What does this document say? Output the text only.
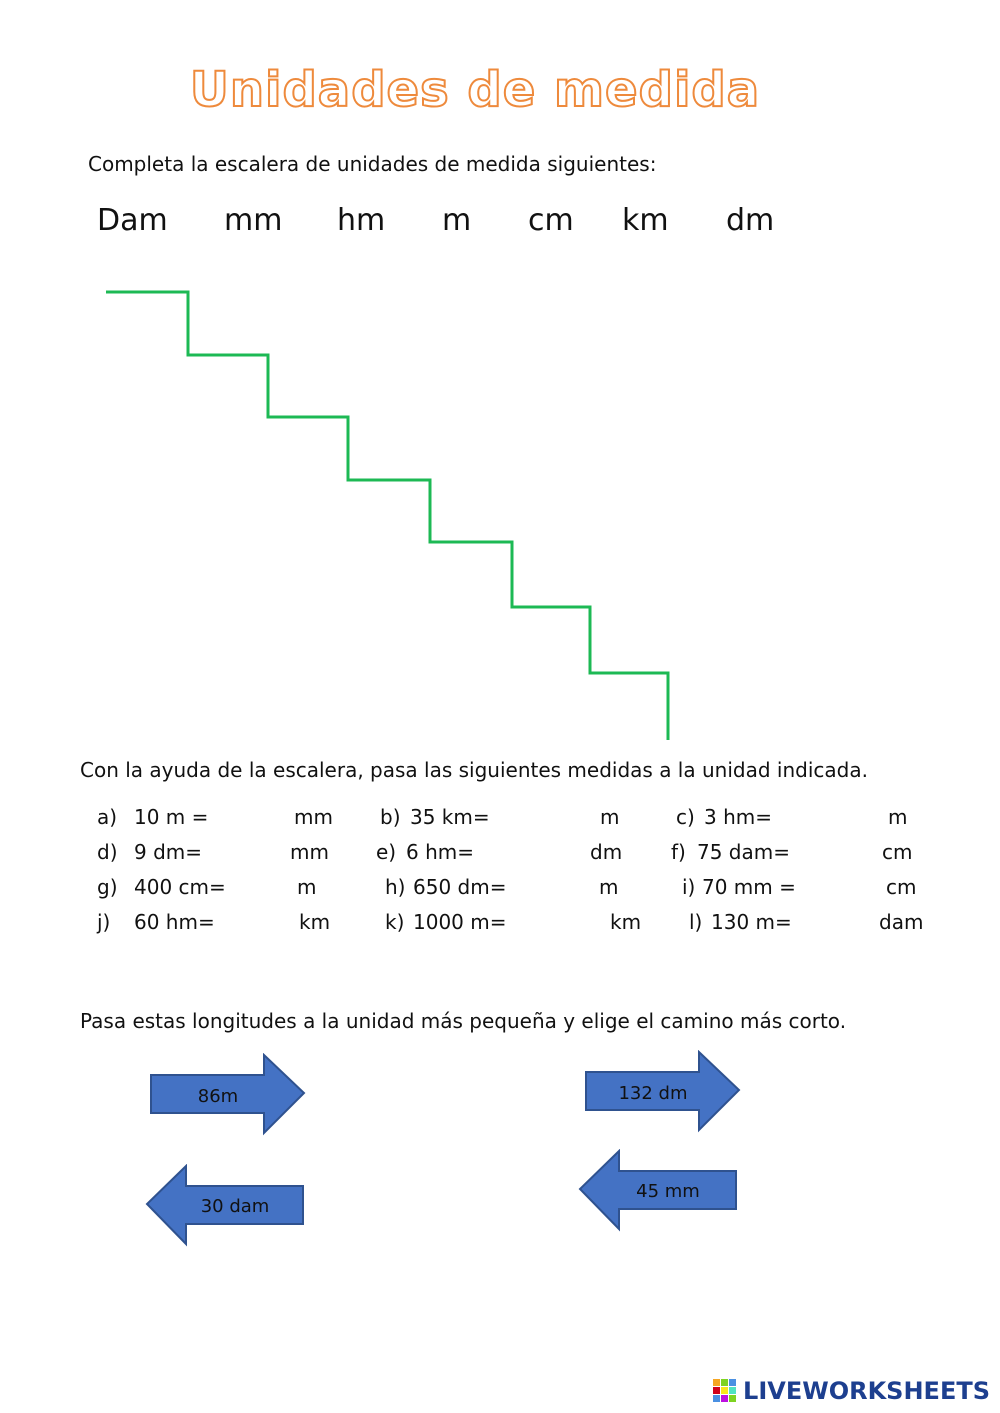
Unidades de medida
Completa la escalera de unidades de medida siguientes:
Dam mm hm m cm km dm
Con la ayuda de la escalera, pasa las siguientes medidas a la unidad indicada.
a) 10 m =	mm b) 35 km=	m	c) 3 hm=	m
d) 9 dm=	mm e) 6 hm=	dm f) 75 dam=	cm
g) 400 cm=	m	h) 650 dm=	m	i) 70 mm =	cm
j) 60 hm=	km	k) 1000 m=	km l) 130 m=	dam
Pasa estas longitudes a la unidad más pequeña y elige el camino más corto.
86m	132 dm
30 dam
45 mm
LIVEWORKSHEETS
